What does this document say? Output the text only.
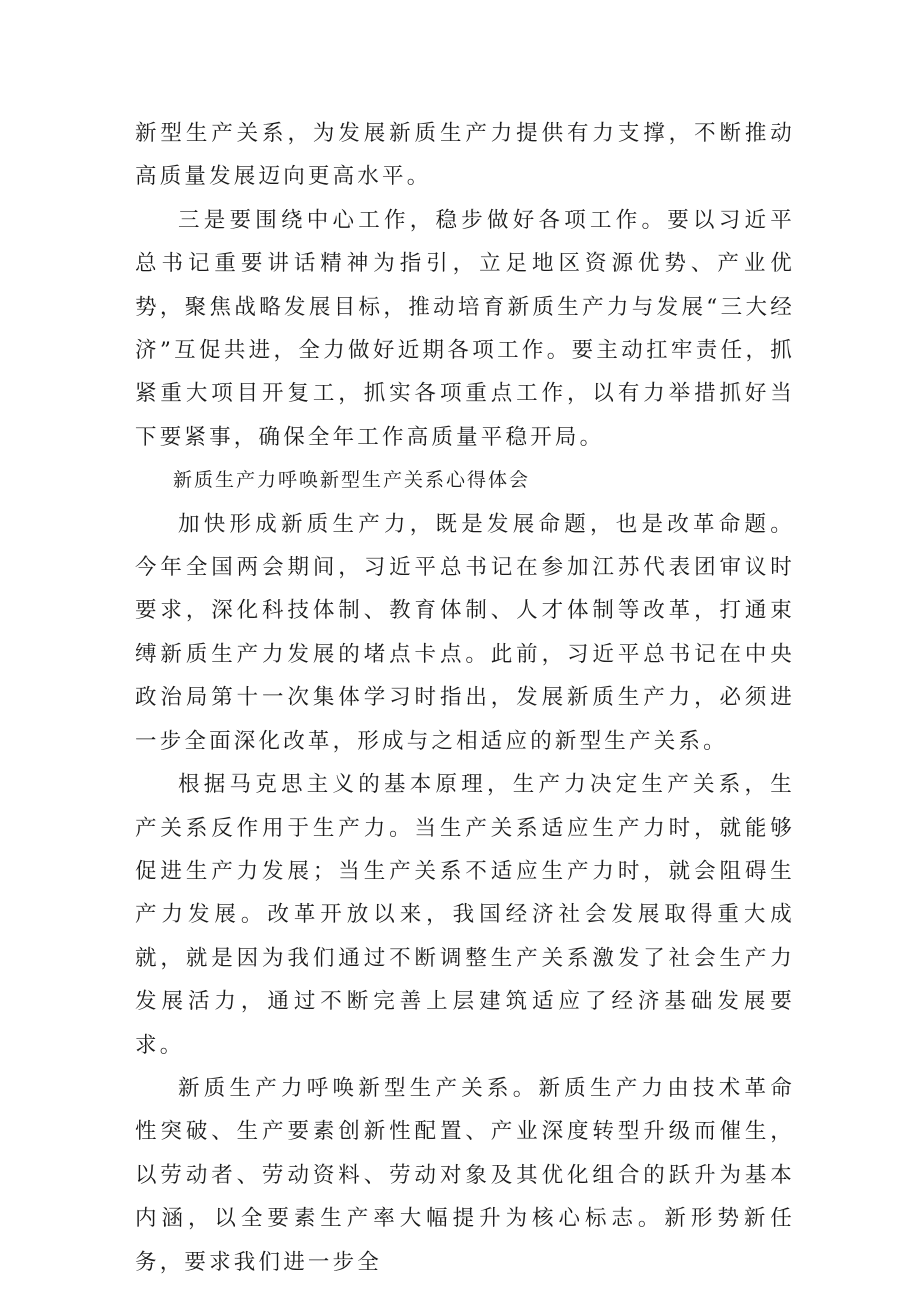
新型生产关系，为发展新质生产力提供有力支撑，不断推动高质量发展迈向更高水平。

三是要围绕中心工作，稳步做好各项工作。要以习近平总书记重要讲话精神为指引，立足地区资源优势、产业优势，聚焦战略发展目标，推动培育新质生产力与发展“三大经济”互促共进，全力做好近期各项工作。要主动扛牢责任，抓紧重大项目开复工，抓实各项重点工作，以有力举措抓好当下要紧事，确保全年工作高质量平稳开局。

新质生产力呼唤新型生产关系心得体会

加快形成新质生产力，既是发展命题，也是改革命题。今年全国两会期间，习近平总书记在参加江苏代表团审议时要求，深化科技体制、教育体制、人才体制等改革，打通束缚新质生产力发展的堵点卡点。此前，习近平总书记在中央政治局第十一次集体学习时指出，发展新质生产力，必须进一步全面深化改革，形成与之相适应的新型生产关系。

根据马克思主义的基本原理，生产力决定生产关系，生产关系反作用于生产力。当生产关系适应生产力时，就能够促进生产力发展；当生产关系不适应生产力时，就会阻碍生产力发展。改革开放以来，我国经济社会发展取得重大成就，就是因为我们通过不断调整生产关系激发了社会生产力发展活力，通过不断完善上层建筑适应了经济基础发展要求。

新质生产力呼唤新型生产关系。新质生产力由技术革命性突破、生产要素创新性配置、产业深度转型升级而催生，以劳动者、劳动资料、劳动对象及其优化组合的跃升为基本内涵，以全要素生产率大幅提升为核心标志。新形势新任务，要求我们进一步全
